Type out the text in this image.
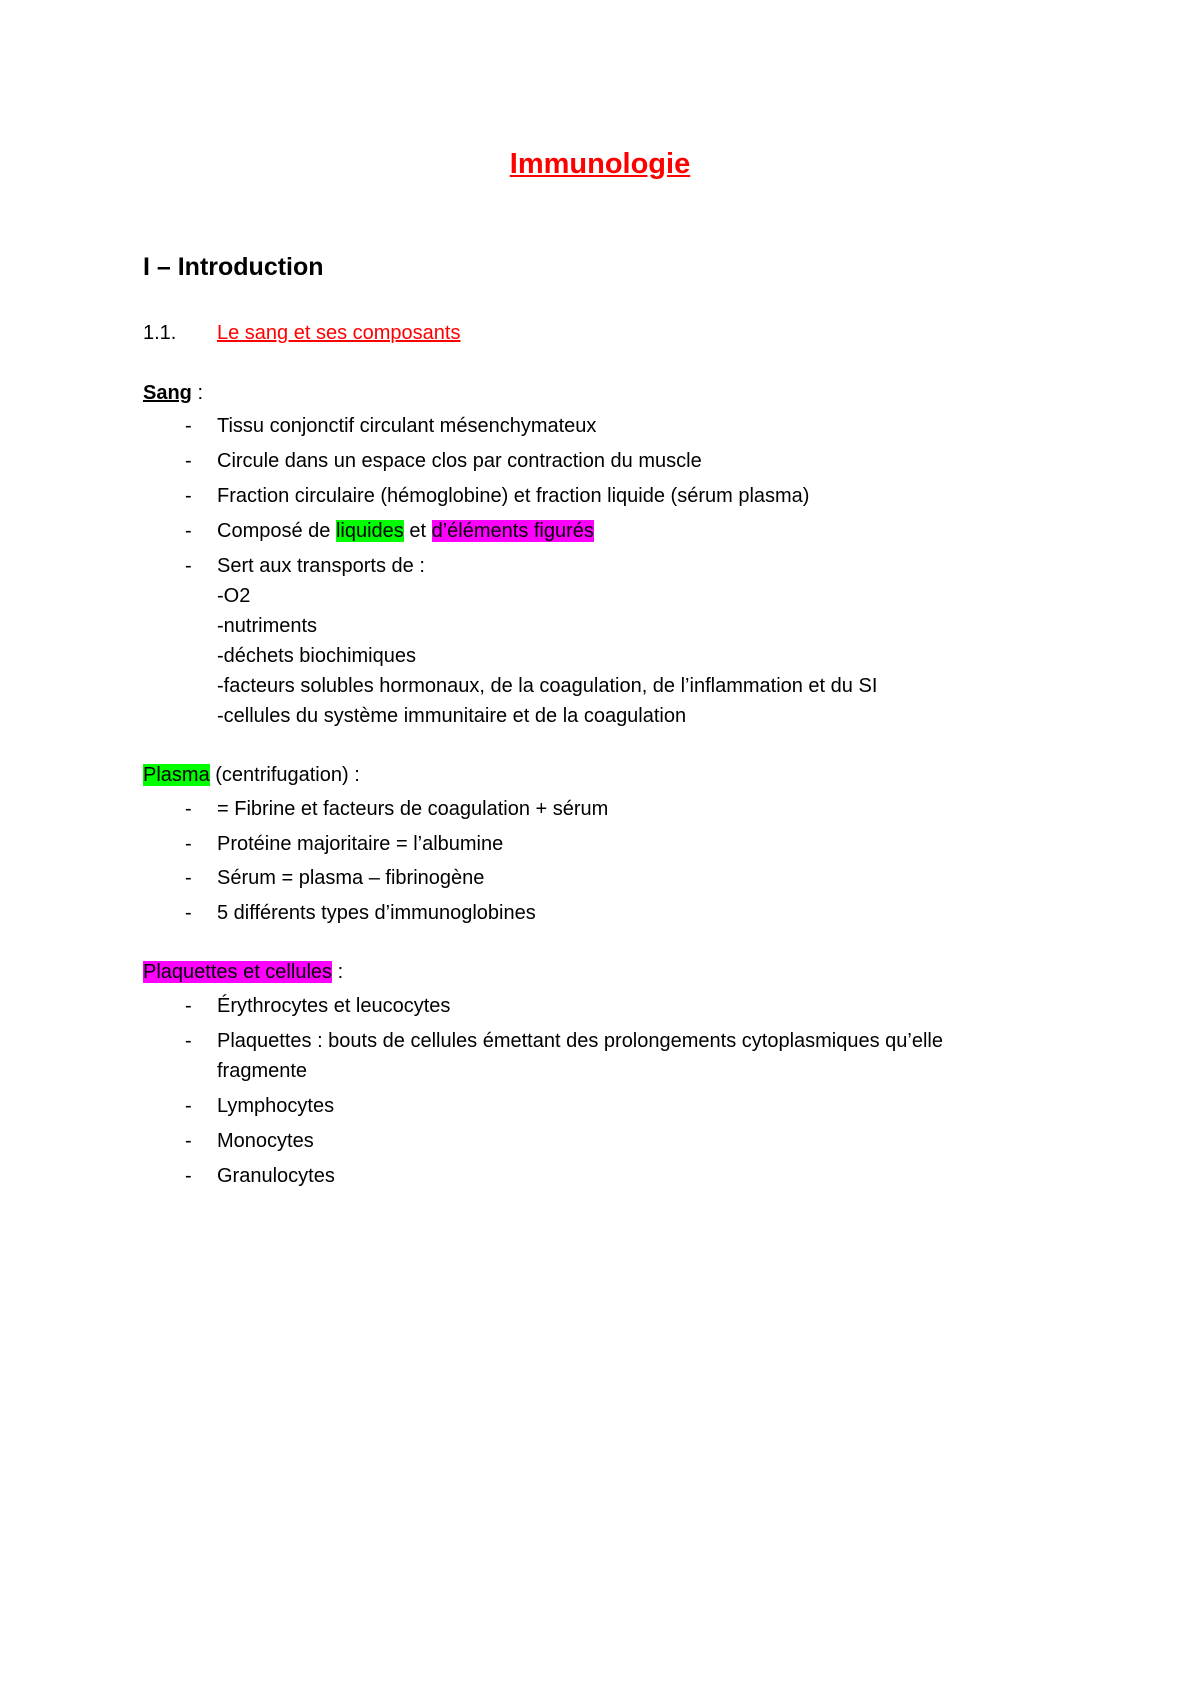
Immunologie
I – Introduction
1.1. Le sang et ses composants
Sang :
- Tissu conjonctif circulant mésenchymateux
- Circule dans un espace clos par contraction du muscle
- Fraction circulaire (hémoglobine) et fraction liquide (sérum plasma)
- Composé de liquides et d’éléments figurés
- Sert aux transports de :
-O2
-nutriments
-déchets biochimiques
-facteurs solubles hormonaux, de la coagulation, de l’inflammation et du SI
-cellules du système immunitaire et de la coagulation
Plasma (centrifugation) :
- = Fibrine et facteurs de coagulation + sérum
- Protéine majoritaire = l’albumine
- Sérum = plasma – fibrinogène
- 5 différents types d’immunoglobines
Plaquettes et cellules :
- Érythrocytes et leucocytes
- Plaquettes : bouts de cellules émettant des prolongements cytoplasmiques qu’elle
fragmente
- Lymphocytes
- Monocytes
- Granulocytes
